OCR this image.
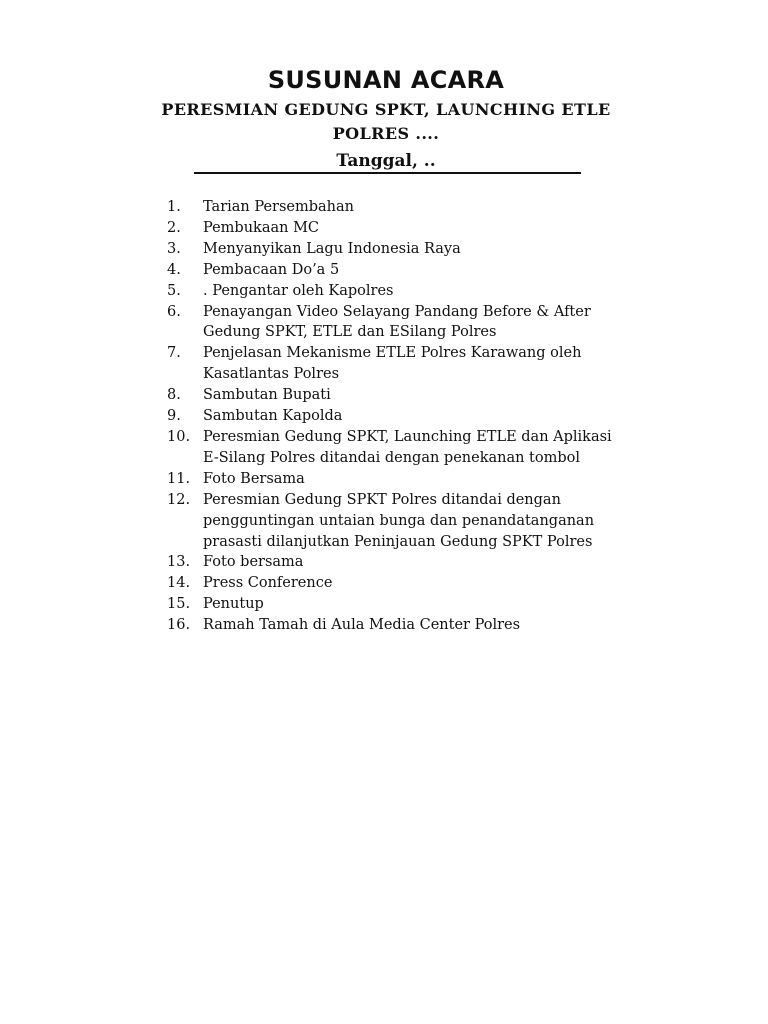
SUSUNAN ACARA
PERESMIAN GEDUNG SPKT, LAUNCHING ETLE
POLRES ....
Tanggal, ..
1.	Tarian Persembahan
2.	Pembukaan MC
3.	Menyanyikan Lagu Indonesia Raya
4.	Pembacaan Do’a 5
5.	. Pengantar oleh Kapolres
6.	Penayangan Video Selayang Pandang Before & After
Gedung SPKT, ETLE dan ESilang Polres
7.	Penjelasan Mekanisme ETLE Polres Karawang oleh
Kasatlantas Polres
8.	Sambutan Bupati
9.	Sambutan Kapolda
10. Peresmian Gedung SPKT, Launching ETLE dan Aplikasi
E-Silang Polres ditandai dengan penekanan tombol
11. Foto Bersama
12. Peresmian Gedung SPKT Polres ditandai dengan
pengguntingan untaian bunga dan penandatanganan
prasasti dilanjutkan Peninjauan Gedung SPKT Polres
13. Foto bersama
14. Press Conference
15. Penutup
16. Ramah Tamah di Aula Media Center Polres
